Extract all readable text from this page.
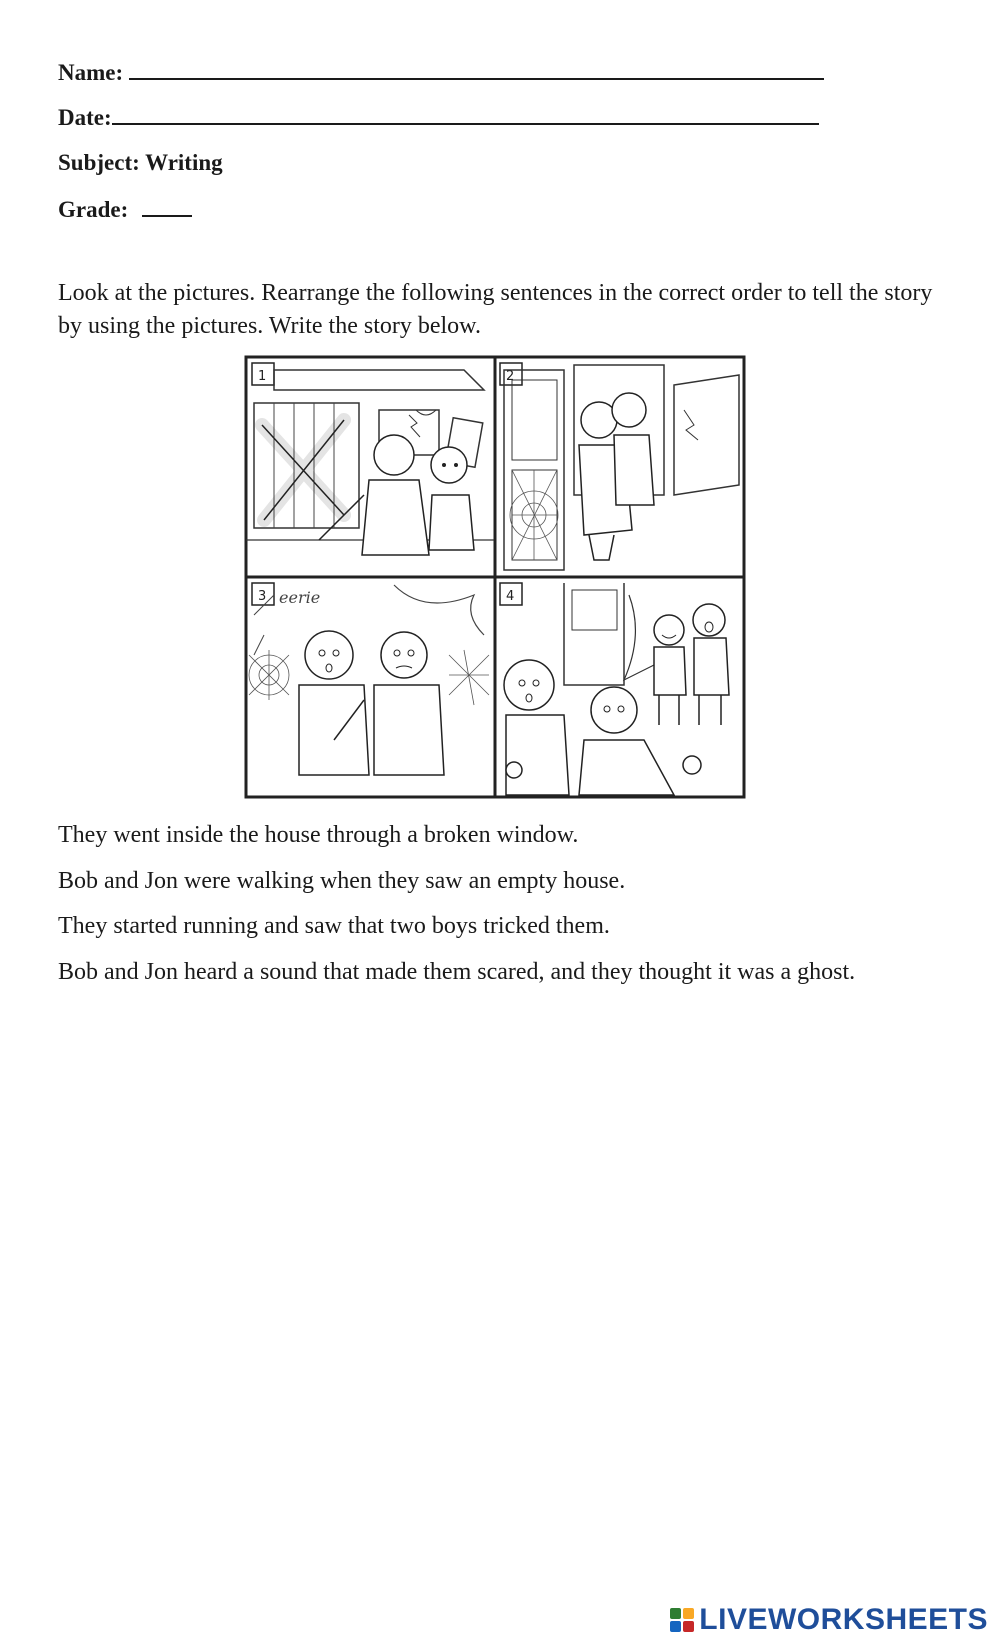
Name:
Date:
Subject: Writing
Grade:
Look at the pictures. Rearrange the following sentences in the correct order to tell the story by using the pictures. Write the story below.
1	2
3 eerie	4
They went inside the house through a broken window.
Bob and Jon were walking when they saw an empty house.
They started running and saw that two boys tricked them.
Bob and Jon heard a sound that made them scared, and they thought it was a ghost.
LIVEWORKSHEETS
